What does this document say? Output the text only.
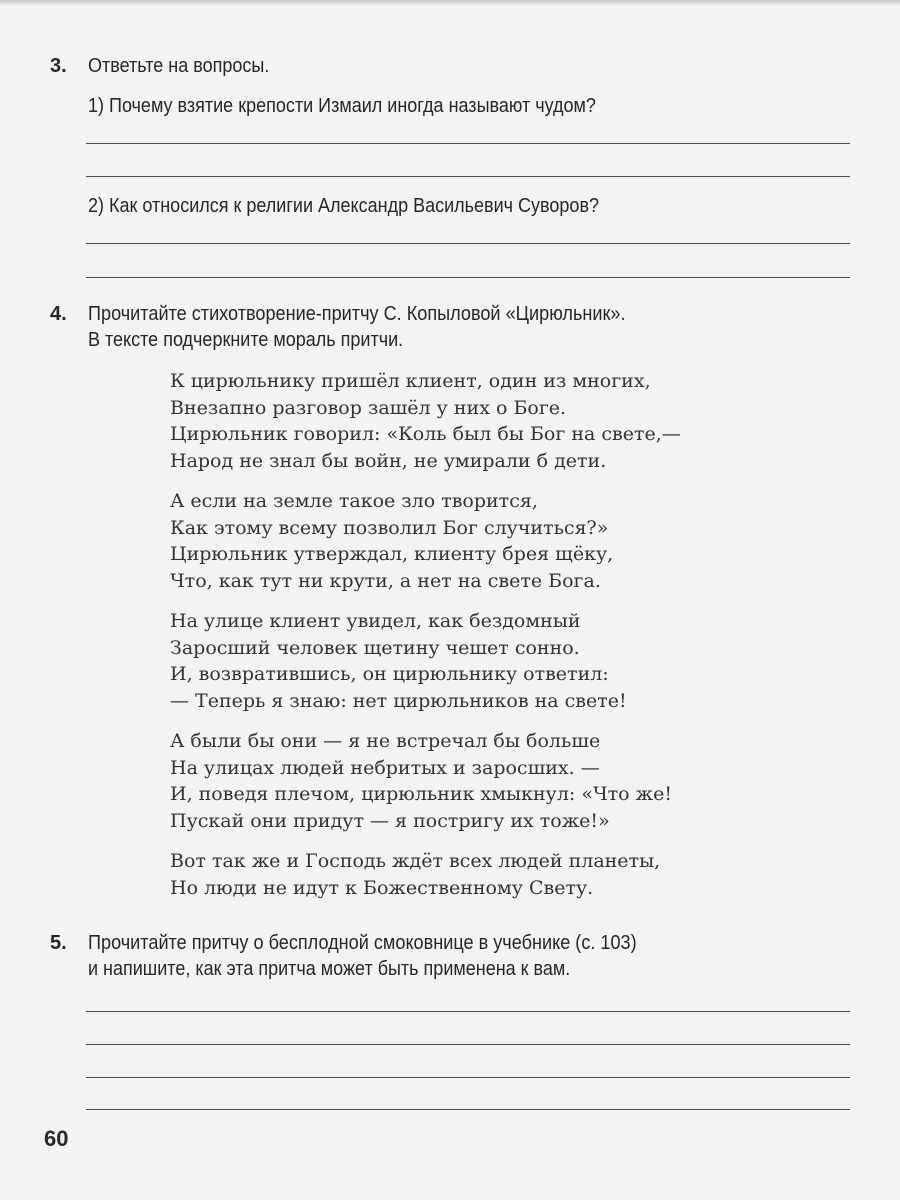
3. Ответьте на вопросы.
1) Почему взятие крепости Измаил иногда называют чудом?
2) Как относился к религии Александр Васильевич Суворов?
4. Прочитайте стихотворение-притчу С. Копыловой «Цирюльник».
В тексте подчеркните мораль притчи.
К цирюльнику пришёл клиент, один из многих,
Внезапно разговор зашёл у них о Боге.
Цирюльник говорил: «Коль был бы Бог на свете,—
Народ не знал бы войн, не умирали б дети.
А если на земле такое зло творится,
Как этому всему позволил Бог случиться?»
Цирюльник утверждал, клиенту брея щёку,
Что, как тут ни крути, а нет на свете Бога.
На улице клиент увидел, как бездомный
Заросший человек щетину чешет сонно.
И, возвратившись, он цирюльнику ответил:
— Теперь я знаю: нет цирюльников на свете!
А были бы они — я не встречал бы больше
На улицах людей небритых и заросших. —
И, поведя плечом, цирюльник хмыкнул: «Что же!
Пускай они придут — я постригу их тоже!»
Вот так же и Господь ждёт всех людей планеты,
Но люди не идут к Божественному Свету.
5. Прочитайте притчу о бесплодной смоковнице в учебнике (с. 103)
и напишите, как эта притча может быть применена к вам.
60
